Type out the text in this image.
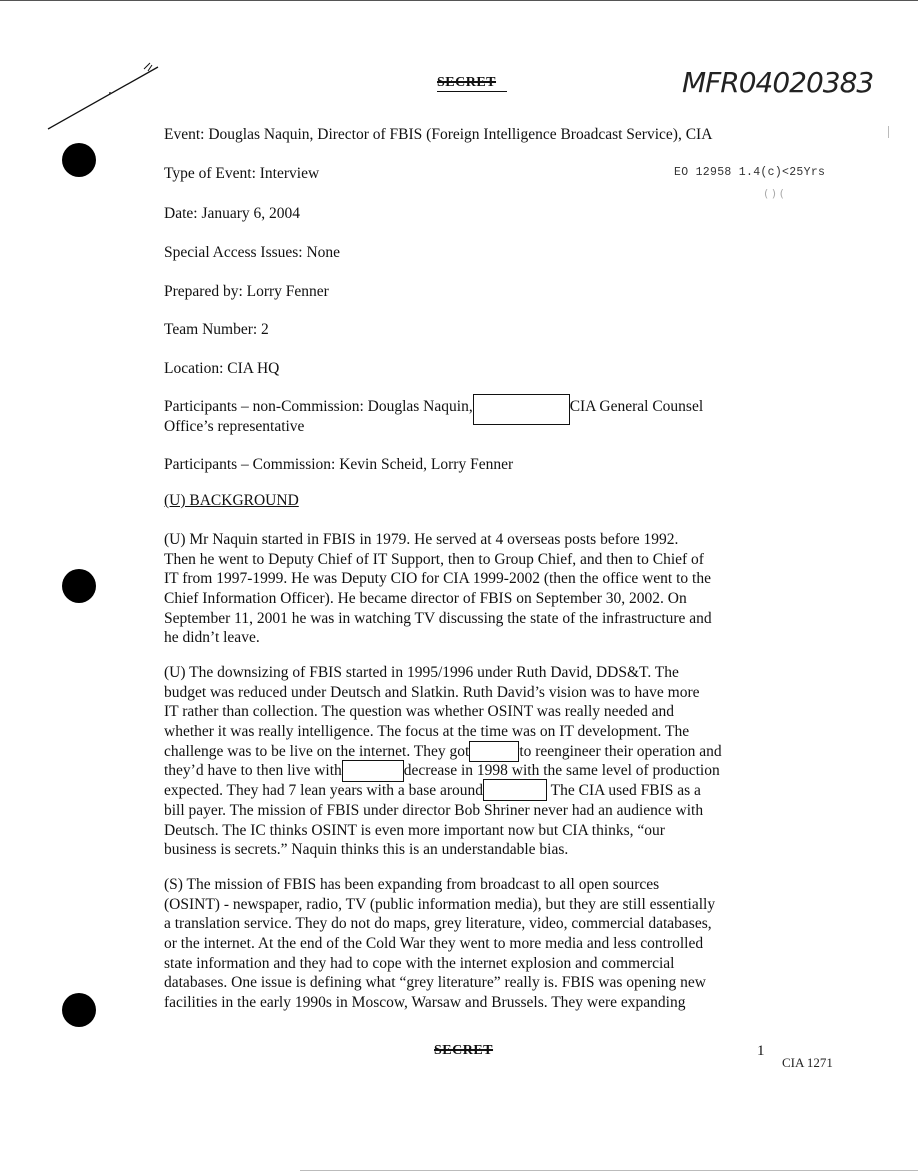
SECRET	MFR04020383
EO 12958 1.4(c)<25Yrs
( ) (
Event: Douglas Naquin, Director of FBIS (Foreign Intelligence Broadcast Service), CIA
Type of Event: Interview
Date: January 6, 2004
Special Access Issues: None
Prepared by: Lorry Fenner
Team Number: 2
Location: CIA HQ
Participants – non-Commission: Douglas Naquin,	CIA General Counsel
Office’s representative
Participants – Commission: Kevin Scheid, Lorry Fenner
(U) BACKGROUND
(U) Mr Naquin started in FBIS in 1979. He served at 4 overseas posts before 1992.
Then he went to Deputy Chief of IT Support, then to Group Chief, and then to Chief of
IT from 1997-1999. He was Deputy CIO for CIA 1999-2002 (then the office went to the
Chief Information Officer). He became director of FBIS on September 30, 2002. On
September 11, 2001 he was in watching TV discussing the state of the infrastructure and
he didn’t leave.
(U) The downsizing of FBIS started in 1995/1996 under Ruth David, DDS&T. The
budget was reduced under Deutsch and Slatkin. Ruth David’s vision was to have more
IT rather than collection. The question was whether OSINT was really needed and
whether it was really intelligence. The focus at the time was on IT development. The
challenge was to be live on the internet. They got	to reengineer their operation and
they’d have to then live with	decrease in 1998 with the same level of production
expected. They had 7 lean years with a base around	The CIA used FBIS as a
bill payer. The mission of FBIS under director Bob Shriner never had an audience with
Deutsch. The IC thinks OSINT is even more important now but CIA thinks, “our
business is secrets.” Naquin thinks this is an understandable bias.
(S) The mission of FBIS has been expanding from broadcast to all open sources
(OSINT) - newspaper, radio, TV (public information media), but they are still essentially
a translation service. They do not do maps, grey literature, video, commercial databases,
or the internet. At the end of the Cold War they went to more media and less controlled
state information and they had to cope with the internet explosion and commercial
databases. One issue is defining what “grey literature” really is. FBIS was opening new
facilities in the early 1990s in Moscow, Warsaw and Brussels. They were expanding
SECRET	1
CIA 1271
